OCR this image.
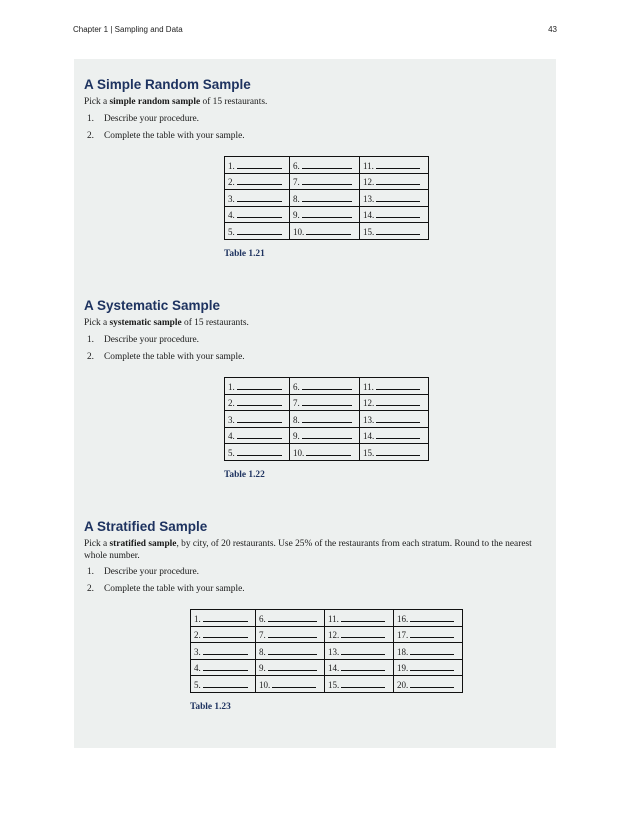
Chapter 1 | Sampling and Data	43
A Simple Random Sample

Pick a simple random sample of 15 restaurants.

1.	Describe your procedure.
2.	Complete the table with your sample.
1.	6.	11.
2.	7.	12.
3.	8.	13.
4.	9.	14.
5.	10.	15.
Table 1.21
A Systematic Sample

Pick a systematic sample of 15 restaurants.

1.	Describe your procedure.
2.	Complete the table with your sample.
1.	6.	11.
2.	7.	12.
3.	8.	13.
4.	9.	14.
5.	10.	15.
Table 1.22
A Stratified Sample

Pick a stratified sample, by city, of 20 restaurants. Use 25% of the restaurants from each stratum. Round to the nearest whole number.

1.	Describe your procedure.
2.	Complete the table with your sample.
1.	6.	11.	16.
2.	7.	12.	17.
3.	8.	13.	18.
4.	9.	14.	19.
5.	10.	15.	20.
Table 1.23
